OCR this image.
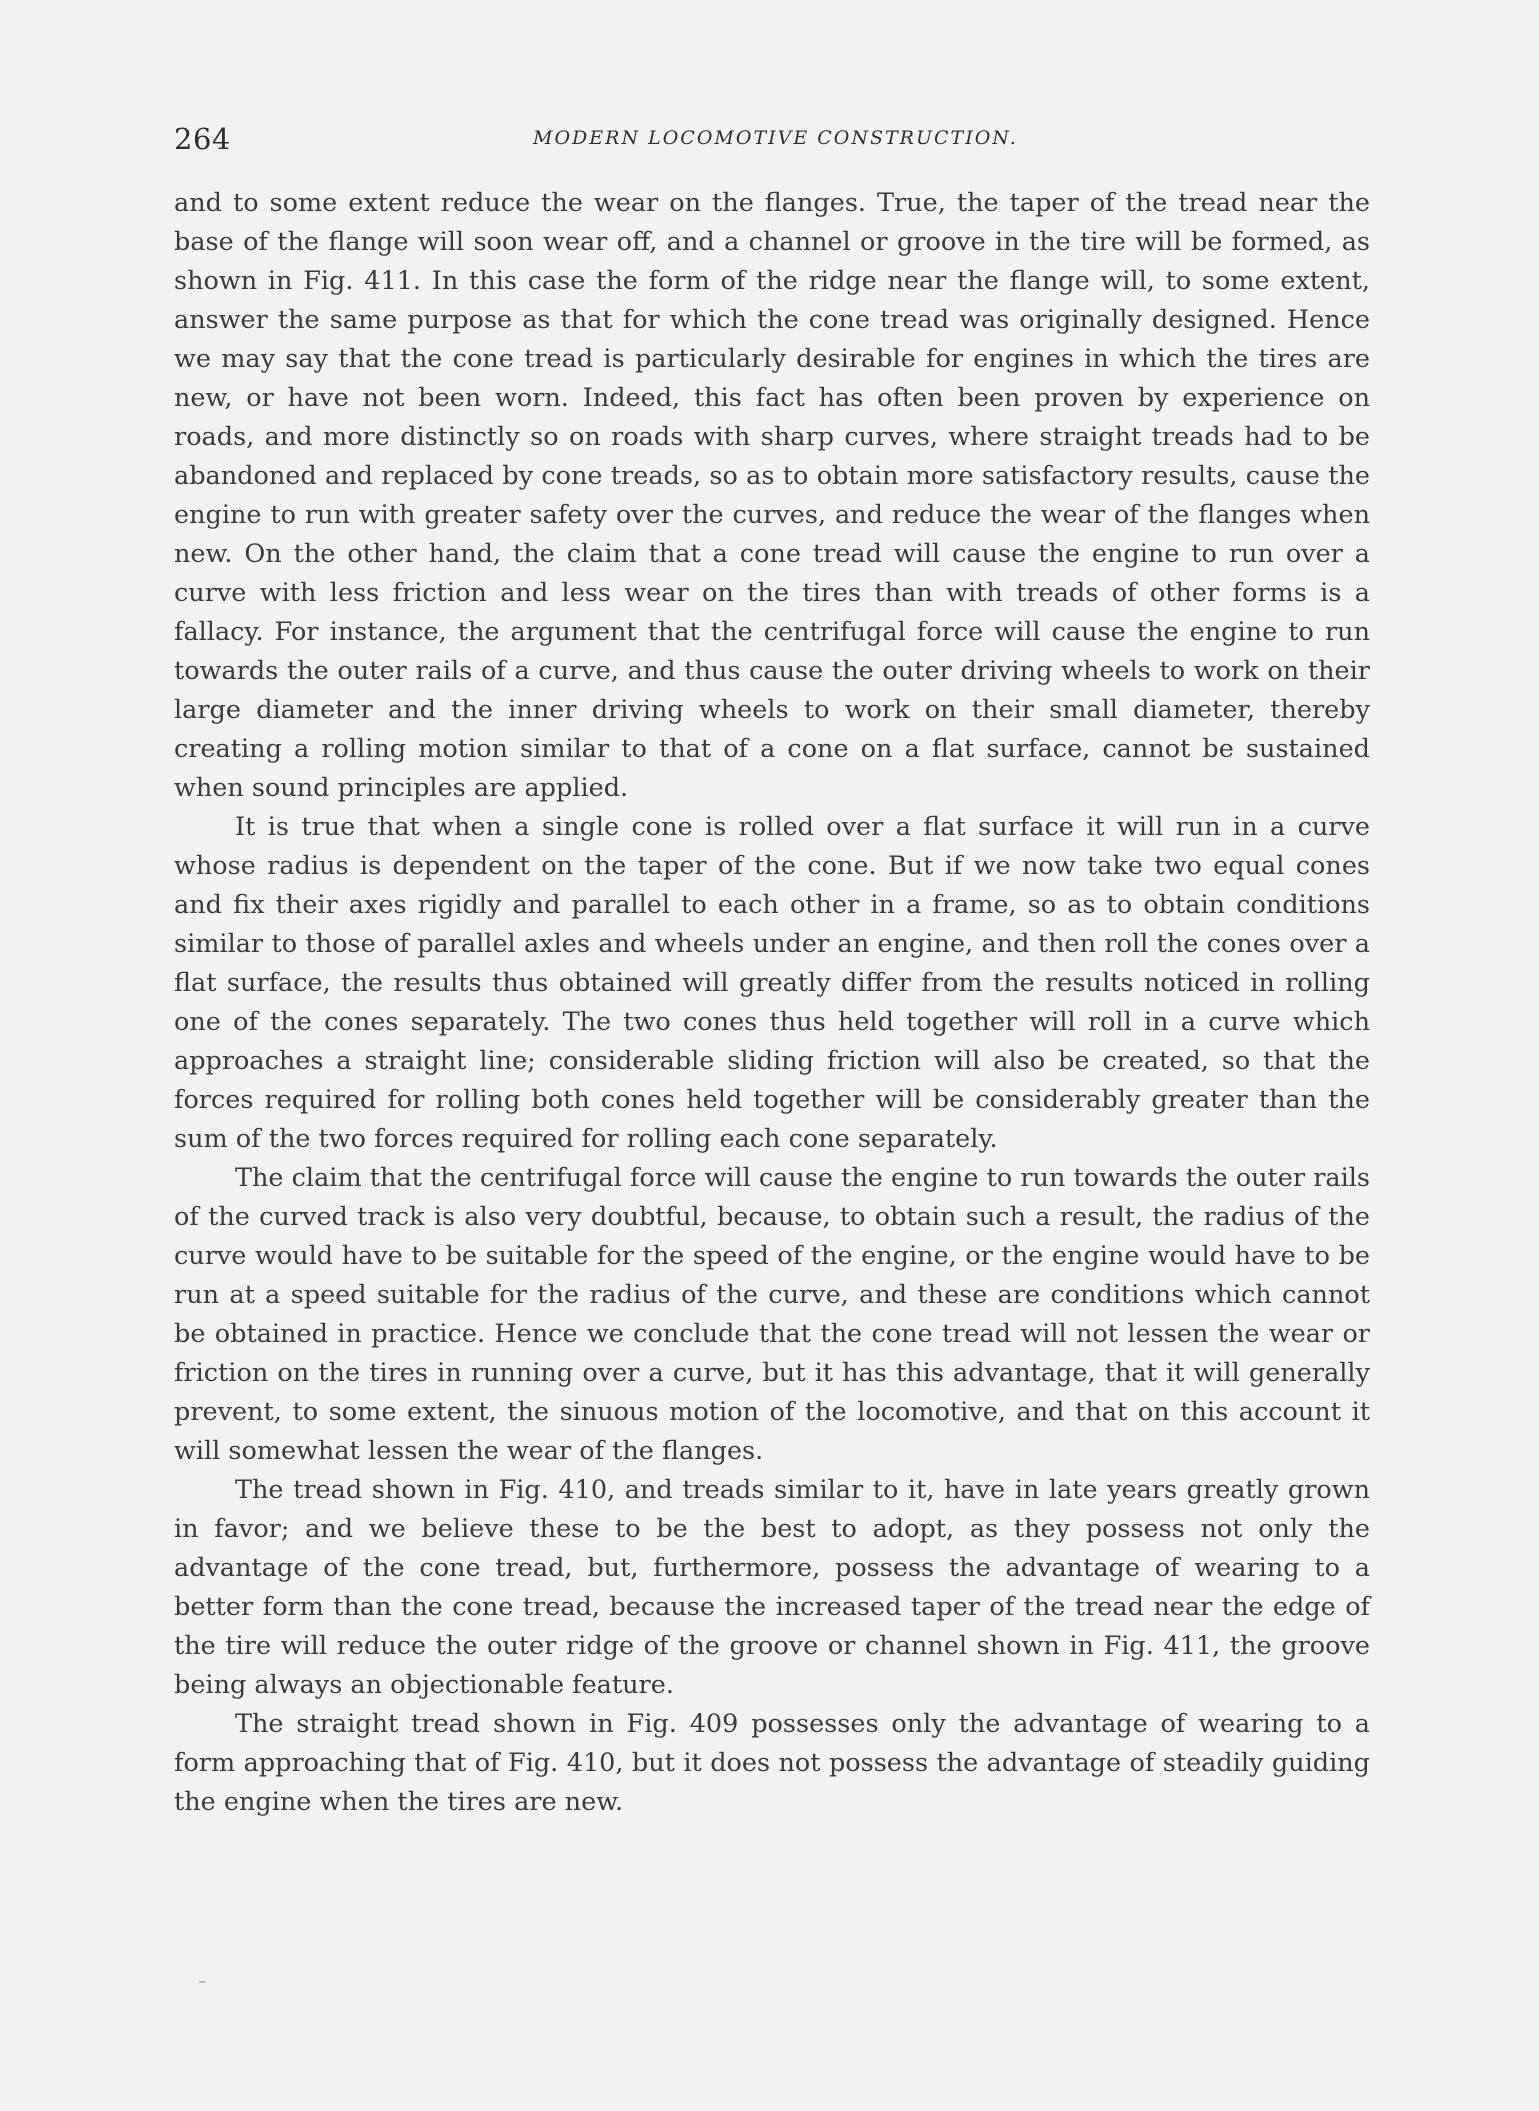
264	MODERN LOCOMOTIVE CONSTRUCTION.

and to some extent reduce the wear on the flanges. True, the taper of the tread near the base of the flange will soon wear off, and a channel or groove in the tire will be formed, as shown in Fig. 411. In this case the form of the ridge near the flange will, to some extent, answer the same purpose as that for which the cone tread was originally designed. Hence we may say that the cone tread is particularly desirable for engines in which the tires are new, or have not been worn. Indeed, this fact has often been proven by experience on roads, and more distinctly so on roads with sharp curves, where straight treads had to be abandoned and replaced by cone treads, so as to obtain more satisfactory results, cause the engine to run with greater safety over the curves, and reduce the wear of the flanges when new. On the other hand, the claim that a cone tread will cause the engine to run over a curve with less friction and less wear on the tires than with treads of other forms is a fallacy. For instance, the argument that the centrifugal force will cause the engine to run towards the outer rails of a curve, and thus cause the outer driving wheels to work on their large diameter and the inner driving wheels to work on their small diameter, thereby creating a rolling motion similar to that of a cone on a flat surface, cannot be sustained when sound principles are applied.

It is true that when a single cone is rolled over a flat surface it will run in a curve whose radius is dependent on the taper of the cone. But if we now take two equal cones and fix their axes rigidly and parallel to each other in a frame, so as to obtain conditions similar to those of parallel axles and wheels under an engine, and then roll the cones over a flat surface, the results thus obtained will greatly differ from the results noticed in rolling one of the cones separately. The two cones thus held together will roll in a curve which approaches a straight line; considerable sliding friction will also be created, so that the forces required for rolling both cones held together will be considerably greater than the sum of the two forces required for rolling each cone separately.

The claim that the centrifugal force will cause the engine to run towards the outer rails of the curved track is also very doubtful, because, to obtain such a result, the radius of the curve would have to be suitable for the speed of the engine, or the engine would have to be run at a speed suitable for the radius of the curve, and these are conditions which cannot be obtained in practice. Hence we conclude that the cone tread will not lessen the wear or friction on the tires in running over a curve, but it has this advantage, that it will generally prevent, to some extent, the sinuous motion of the locomotive, and that on this account it will somewhat lessen the wear of the flanges.

The tread shown in Fig. 410, and treads similar to it, have in late years greatly grown in favor; and we believe these to be the best to adopt, as they possess not only the advantage of the cone tread, but, furthermore, possess the advantage of wearing to a better form than the cone tread, because the increased taper of the tread near the edge of the tire will reduce the outer ridge of the groove or channel shown in Fig. 411, the groove being always an objectionable feature.

The straight tread shown in Fig. 409 possesses only the advantage of wearing to a form approaching that of Fig. 410, but it does not possess the advantage of steadily guiding the engine when the tires are new.
